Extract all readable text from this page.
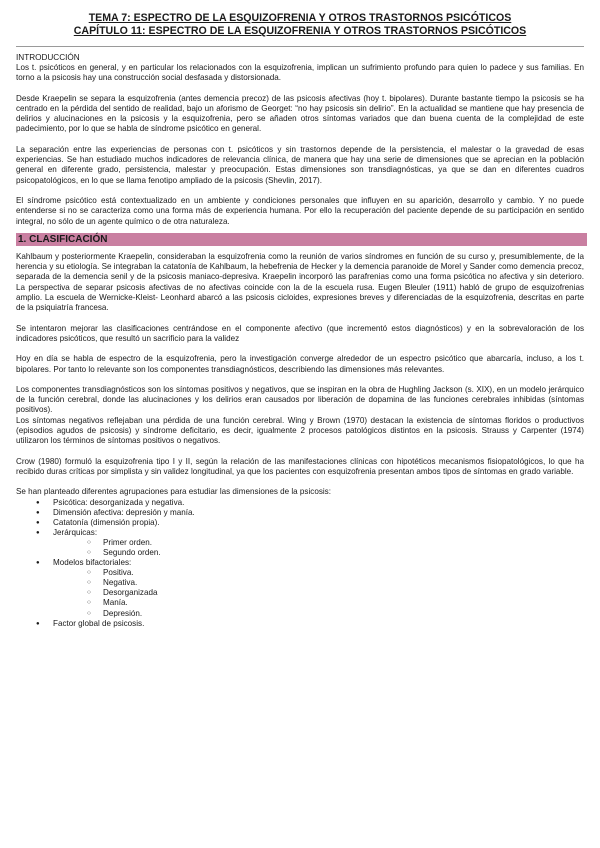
TEMA 7: ESPECTRO DE LA ESQUIZOFRENIA Y OTROS TRASTORNOS PSICÓTICOS
CAPÍTULO 11: ESPECTRO DE LA ESQUIZOFRENIA Y OTROS TRASTORNOS PSICÓTICOS
INTRODUCCIÓN

Los t. psicóticos en general, y en particular los relacionados con la esquizofrenia, implican un sufrimiento profundo para quien lo padece y sus familias. En torno a la psicosis hay una construcción social desfasada y distorsionada.

Desde Kraepelin se separa la esquizofrenia (antes demencia precoz) de las psicosis afectivas (hoy t. bipolares). Durante bastante tiempo la psicosis se ha centrado en la pérdida del sentido de realidad, bajo un aforismo de Georget: “no hay psicosis sin delirio”. En la actualidad se mantiene que hay presencia de delirios y alucinaciones en la psicosis y la esquizofrenia, pero se añaden otros síntomas variados que dan buena cuenta de la complejidad de este padecimiento, por lo que se habla de síndrome psicótico en general.

La separación entre las experiencias de personas con t. psicóticos y sin trastornos depende de la persistencia, el malestar o la gravedad de esas experiencias. Se han estudiado muchos indicadores de relevancia clínica, de manera que hay una serie de dimensiones que se aprecian en la población general en diferente grado, persistencia, malestar y preocupación. Estas dimensiones son transdiagnósticas, ya que se dan en diferentes cuadros psicopatológicos, en lo que se llama fenotipo ampliado de la psicosis (Shevlin, 2017).

El síndrome psicótico está contextualizado en un ambiente y condiciones personales que influyen en su aparición, desarrollo y cambio. Y no puede entenderse si no se caracteriza como una forma más de experiencia humana. Por ello la recuperación del paciente depende de su participación en sentido integral, no sólo de un agente químico o de otra naturaleza.

1. CLASIFICACIÓN

Kahlbaum y posteriormente Kraepelin, consideraban la esquizofrenia como la reunión de varios síndromes en función de su curso y, presumiblemente, de la herencia y su etiología. Se integraban la catatonía de Kahlbaum, la hebefrenia de Hecker y la demencia paranoide de Morel y Sander como demencia precoz, separada de la demencia senil y de la psicosis maniaco-depresiva. Kraepelin incorporó las parafrenias como una forma psicótica no afectiva y sin deterioro. La perspectiva de separar psicosis afectivas de no afectivas coincide con la de la escuela rusa. Eugen Bleuler (1911) habló de grupo de esquizofrenias amplio. La escuela de Wernicke-Kleist- Leonhard abarcó a las psicosis cicloides, expresiones breves y diferenciadas de la esquizofrenia, descritas en parte de la psiquiatría francesa.

Se intentaron mejorar las clasificaciones centrándose en el componente afectivo (que incrementó estos diagnósticos) y en la sobrevaloración de los indicadores psicóticos, que resultó un sacrificio para la validez

Hoy en día se habla de espectro de la esquizofrenia, pero la investigación converge alrededor de un espectro psicótico que abarcaría, incluso, a los t. bipolares. Por tanto lo relevante son los componentes transdiagnósticos, describiendo las dimensiones más relevantes.

Los componentes transdiagnósticos son los síntomas positivos y negativos, que se inspiran en la obra de Hughling Jackson (s. XIX), en un modelo jerárquico de la función cerebral, donde las alucinaciones y los delirios eran causados por liberación de dopamina de las funciones cerebrales inhibidas (síntomas positivos).

Los síntomas negativos reflejaban una pérdida de una función cerebral. Wing y Brown (1970) destacan la existencia de síntomas floridos o productivos (episodios agudos de psicosis) y síndrome deficitario, es decir, igualmente 2 procesos patológicos distintos en la psicosis. Strauss y Carpenter (1974) utilizaron los términos de síntomas positivos o negativos.

Crow (1980) formuló la esquizofrenia tipo I y II, según la relación de las manifestaciones clínicas con hipotéticos mecanismos fisiopatológicos, lo que ha recibido duras críticas por simplista y sin validez longitudinal, ya que los pacientes con esquizofrenia presentan ambos tipos de síntomas en grado variable.

Se han planteado diferentes agrupaciones para estudiar las dimensiones de la psicosis:

● Psicótica: desorganizada y negativa.
● Dimensión afectiva: depresión y manía.
● Catatonía (dimensión propia).
● Jerárquicas:
○ Primer orden.
○ Segundo orden.
● Modelos bifactoriales:
○ Positiva.
○ Negativa.
○ Desorganizada
○ Manía.
○ Depresión.
● Factor global de psicosis.
